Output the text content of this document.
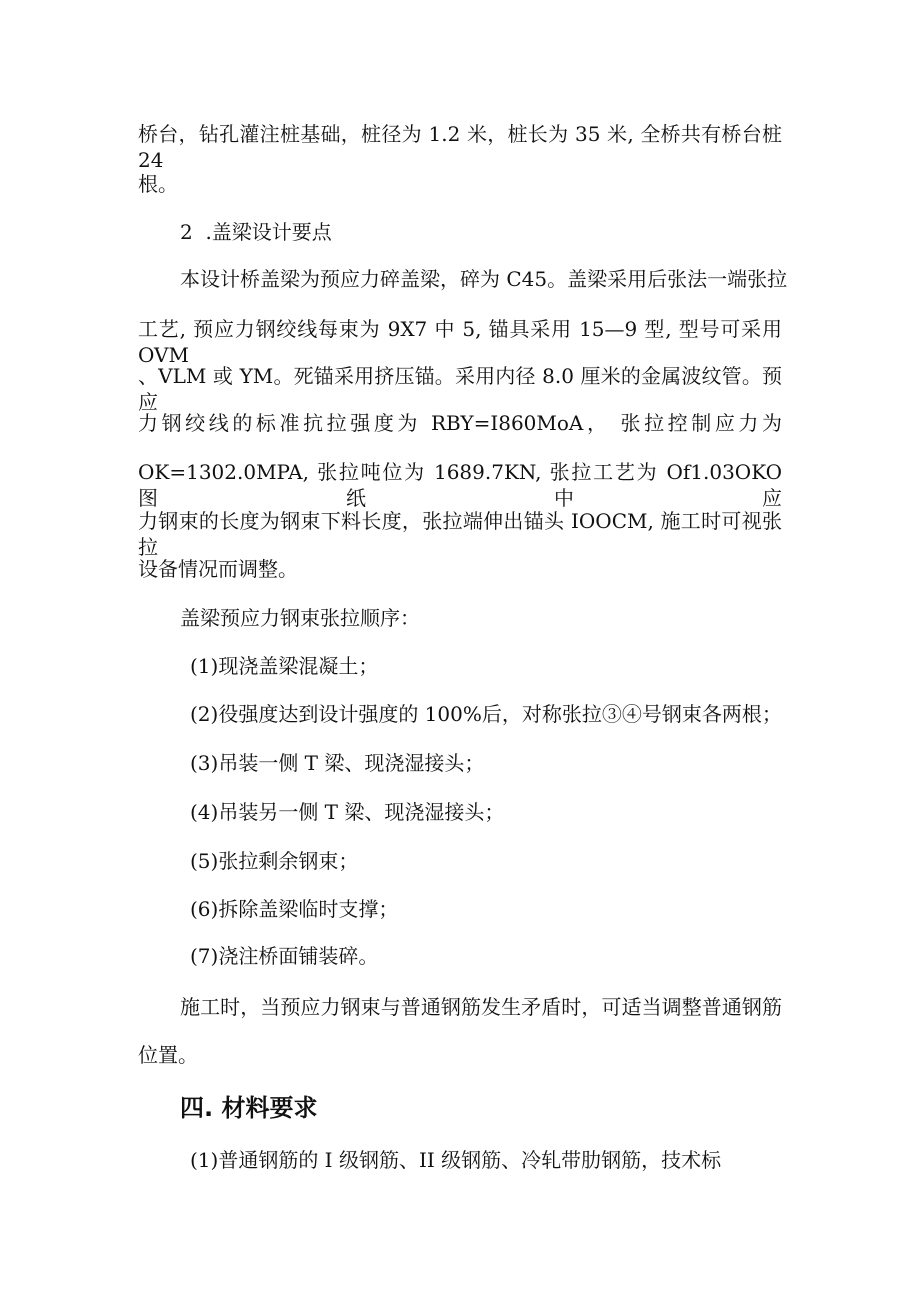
桥台，钻孔灌注桩基础，桩径为 1.2 米，桩长为 35 米, 全桥共有桥台桩 24

根。

2  .盖梁设计要点

本设计桥盖梁为预应力碎盖梁，碎为 C45。盖梁采用后张法一端张拉

工艺, 预应力钢绞线每束为 9X7 中 5, 锚具采用 15—9 型, 型号可采用 OVM

、VLM 或 YM。死锚采用挤压锚。采用内径 8.0 厘米的金属波纹管。预应

力钢绞线的标准抗拉强度为 RBY=I860MoA， 张拉控制应力为

OK=1302.0MPA, 张拉吨位为 1689.7KN, 张拉工艺为 Of1.03OKO 图纸中应

力钢束的长度为钢束下料长度，张拉端伸出锚头 IOOCM, 施工时可视张拉

设备情况而调整。

盖梁预应力钢束张拉顺序：

(1)现浇盖梁混凝土；

(2)役强度达到设计强度的 100%后，对称张拉③④号钢束各两根；

(3)吊装一侧 T 梁、现浇湿接头；

(4)吊装另一侧 T 梁、现浇湿接头；

(5)张拉剩余钢束；

(6)拆除盖梁临时支撑；

(7)浇注桥面铺装碎。

施工时，当预应力钢束与普通钢筋发生矛盾时，可适当调整普通钢筋

位置。

四. 材料要求

(1)普通钢筋的 I 级钢筋、II 级钢筋、冷轧带肋钢筋，技术标
